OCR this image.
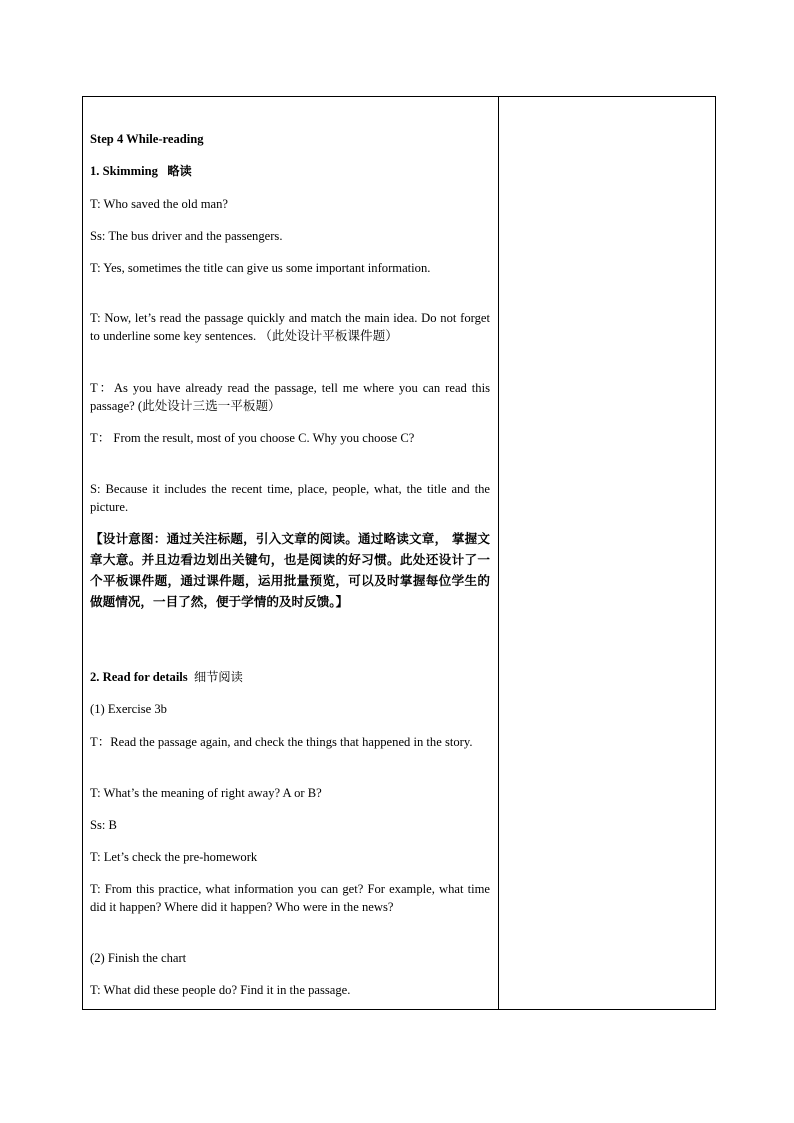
Step 4 While-reading

1. Skimming 略读

T: Who saved the old man?

Ss: The bus driver and the passengers.

T: Yes, sometimes the title can give us some important information.

T: Now, let’s read the passage quickly and match the main idea. Do not forget to underline some key sentences. （此处设计平板课件题）

T：As you have already read the passage, tell me where you can read this passage? (此处设计三选一平板题）

T： From the result, most of you choose C. Why you choose C?

S: Because it includes the recent time, place, people, what, the title and the picture.

【设计意图：通过关注标题，引入文章的阅读。通过略读文章， 掌握文章大意。并且边看边划出关键句，也是阅读的好习惯。此处还设计了一个平板课件题，通过课件题，运用批量预览，可以及时掌握每位学生的做题情况，一目了然，便于学情的及时反馈。】

2. Read for details 细节阅读

(1) Exercise 3b

T：Read the passage again, and check the things that happened in the story.

T: What’s the meaning of right away? A or B?

Ss: B

T: Let’s check the pre-homework

T: From this practice, what information you can get? For example, what time did it happen? Where did it happen? Who were in the news?

(2) Finish the chart

T: What did these people do? Find it in the passage.
